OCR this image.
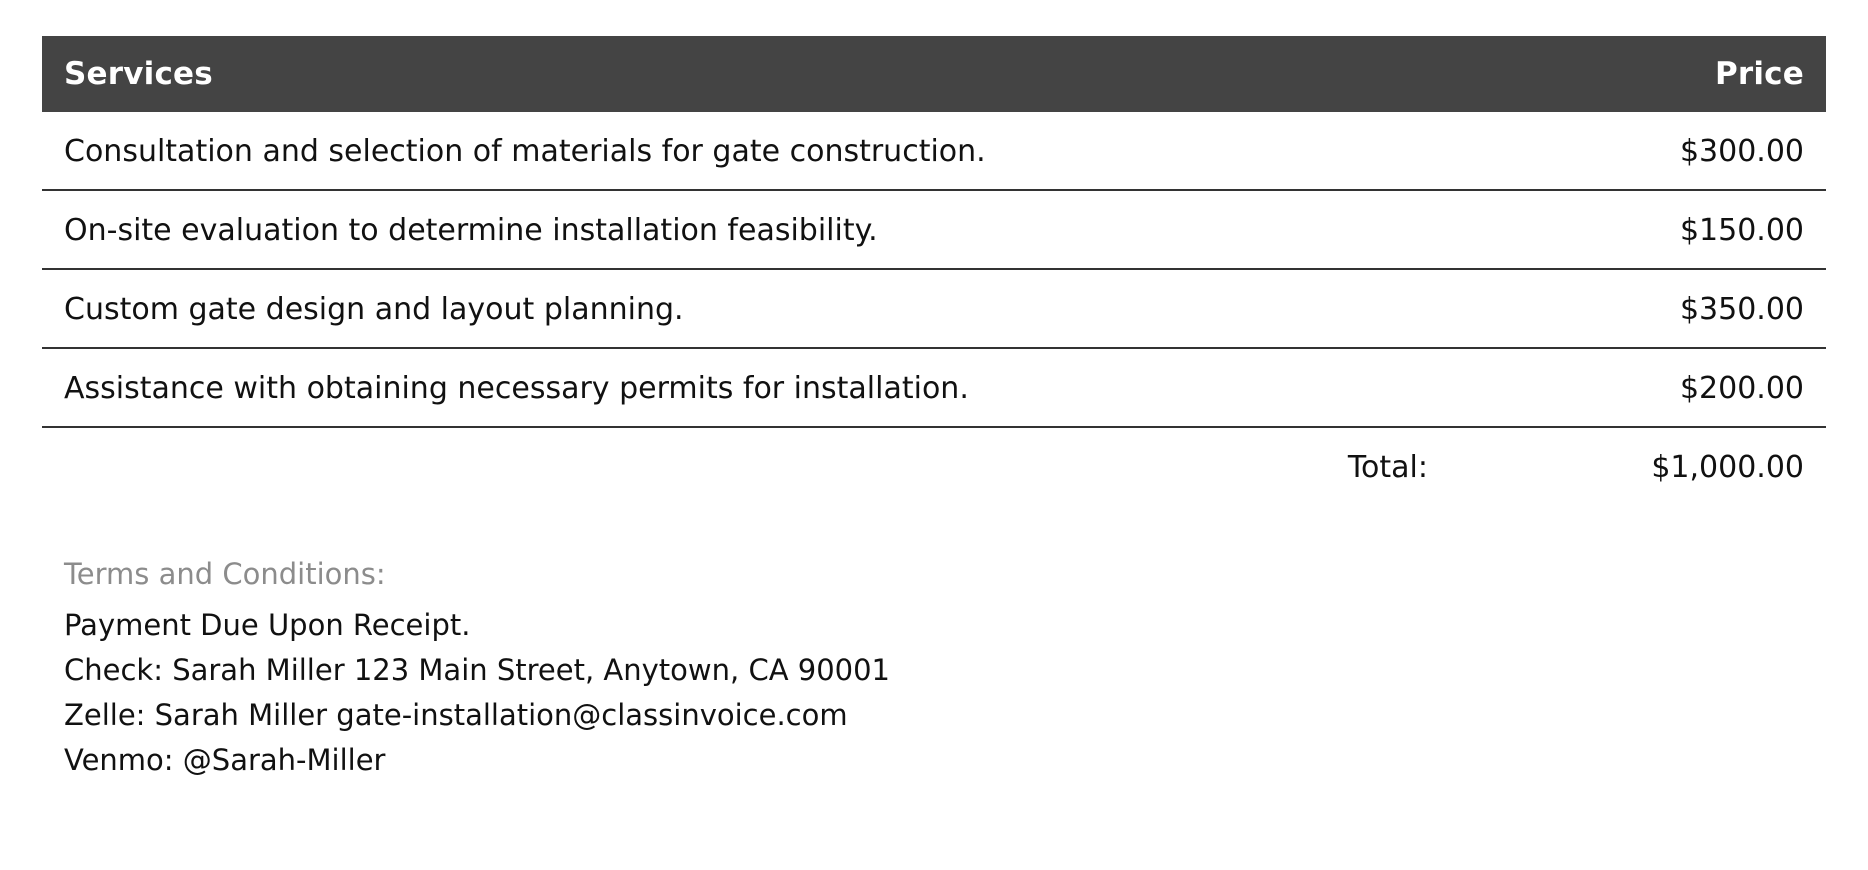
Services	Price
Consultation and selection of materials for gate construction.	$300.00
On-site evaluation to determine installation feasibility.	$150.00
Custom gate design and layout planning.	$350.00
Assistance with obtaining necessary permits for installation.	$200.00
Total:	$1,000.00
Terms and Conditions:
Payment Due Upon Receipt.
Check: Sarah Miller 123 Main Street, Anytown, CA 90001
Zelle: Sarah Miller gate-installation@classinvoice.com
Venmo: @Sarah-Miller
